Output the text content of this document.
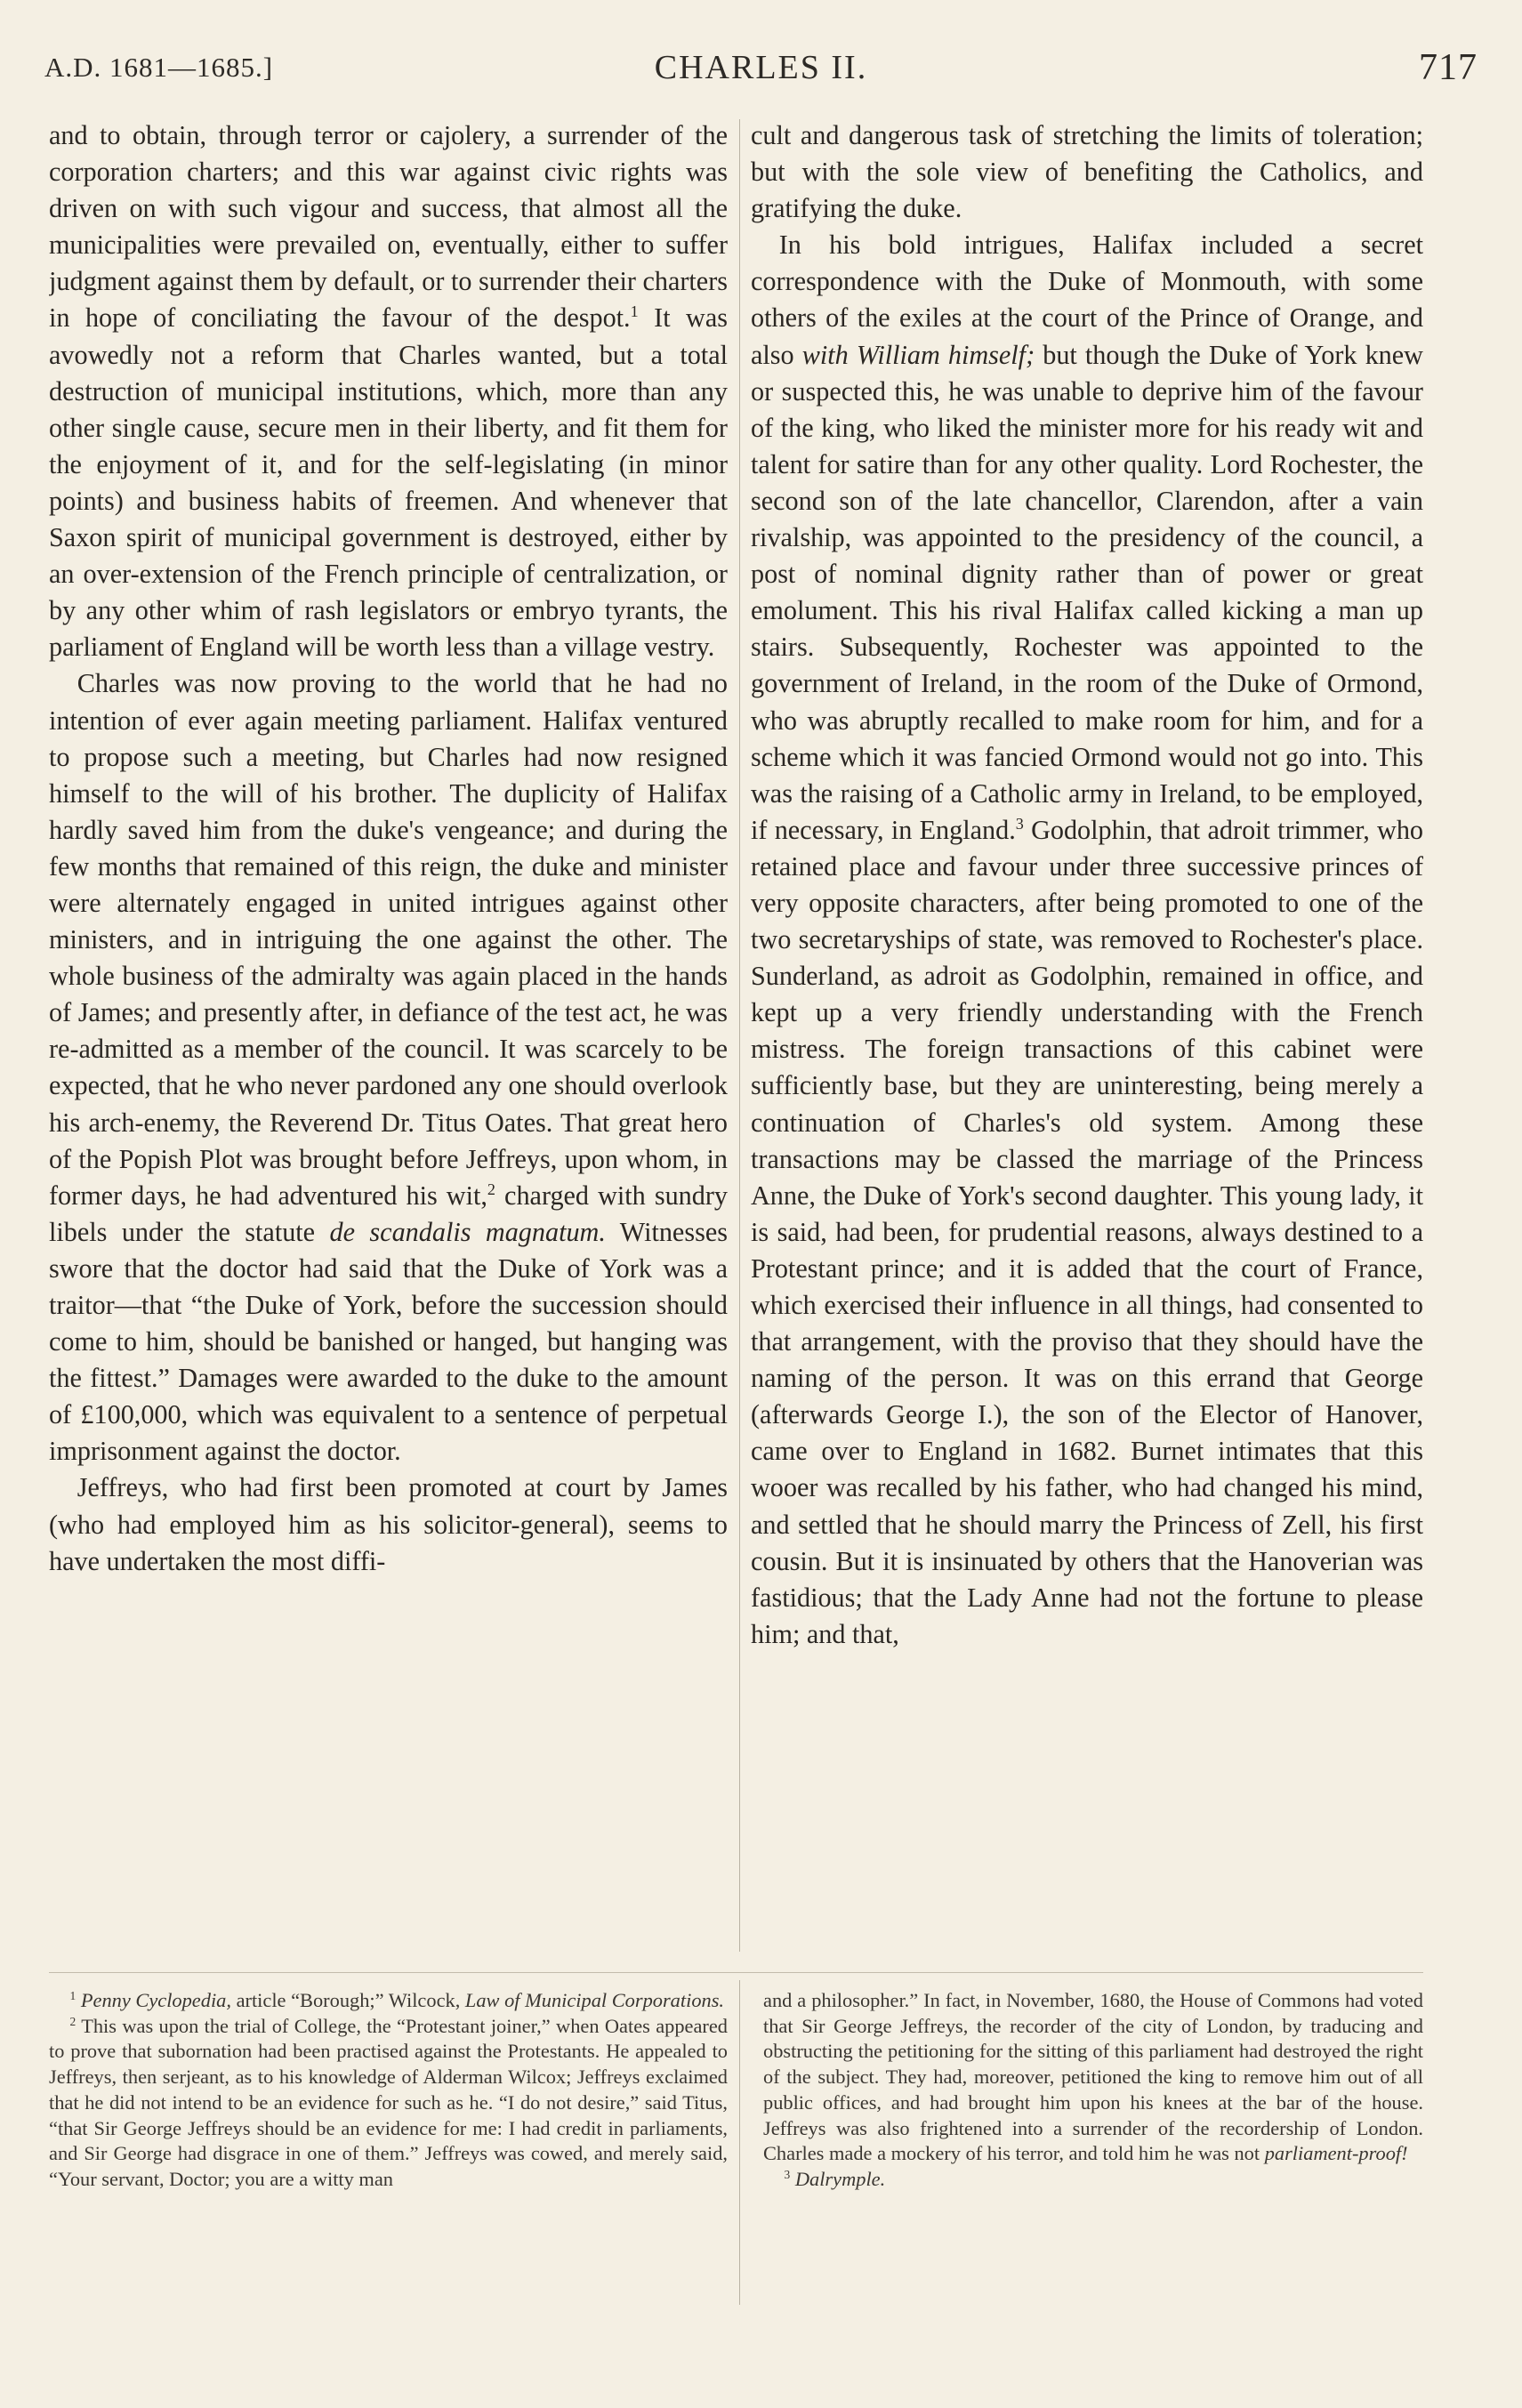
A.D. 1681—1685.]	CHARLES II.	717

and to obtain, through terror or cajolery, a surrender of the corporation charters; and this war against civic rights was driven on with such vigour and success, that almost all the municipalities were prevailed on, eventually, either to suffer judgment against them by default, or to surrender their charters in hope of conciliating the favour of the despot.$^1$ It was avowedly not a reform that Charles wanted, but a total destruction of municipal institutions, which, more than any other single cause, secure men in their liberty, and fit them for the enjoyment of it, and for the self-legislating (in minor points) and business habits of freemen. And whenever that Saxon spirit of municipal government is destroyed, either by an over-extension of the French principle of centralization, or by any other whim of rash legislators or embryo tyrants, the parliament of England will be worth less than a village vestry.

Charles was now proving to the world that he had no intention of ever again meeting parliament. Halifax ventured to propose such a meeting, but Charles had now resigned himself to the will of his brother. The duplicity of Halifax hardly saved him from the duke's vengeance; and during the few months that remained of this reign, the duke and minister were alternately engaged in united intrigues against other ministers, and in intriguing the one against the other. The whole business of the admiralty was again placed in the hands of James; and presently after, in defiance of the test act, he was re-admitted as a member of the council. It was scarcely to be expected, that he who never pardoned any one should overlook his arch-enemy, the Reverend Dr. Titus Oates. That great hero of the Popish Plot was brought before Jeffreys, upon whom, in former days, he had adventured his wit,$^2$ charged with sundry libels under the statute de scandalis magnatum. Witnesses swore that the doctor had said that the Duke of York was a traitor—that “the Duke of York, before the succession should come to him, should be banished or hanged, but hanging was the fittest.” Damages were awarded to the duke to the amount of £100,000, which was equivalent to a sentence of perpetual imprisonment against the doctor.

Jeffreys, who had first been promoted at court by James (who had employed him as his solicitor-general), seems to have undertaken the most diffi-

cult and dangerous task of stretching the limits of toleration; but with the sole view of benefiting the Catholics, and gratifying the duke.

In his bold intrigues, Halifax included a secret correspondence with the Duke of Monmouth, with some others of the exiles at the court of the Prince of Orange, and also with William himself; but though the Duke of York knew or suspected this, he was unable to deprive him of the favour of the king, who liked the minister more for his ready wit and talent for satire than for any other quality. Lord Rochester, the second son of the late chancellor, Clarendon, after a vain rivalship, was appointed to the presidency of the council, a post of nominal dignity rather than of power or great emolument. This his rival Halifax called kicking a man up stairs. Subsequently, Rochester was appointed to the government of Ireland, in the room of the Duke of Ormond, who was abruptly recalled to make room for him, and for a scheme which it was fancied Ormond would not go into. This was the raising of a Catholic army in Ireland, to be employed, if necessary, in England.$^3$ Godolphin, that adroit trimmer, who retained place and favour under three successive princes of very opposite characters, after being promoted to one of the two secretaryships of state, was removed to Rochester's place. Sunderland, as adroit as Godolphin, remained in office, and kept up a very friendly understanding with the French mistress. The foreign transactions of this cabinet were sufficiently base, but they are uninteresting, being merely a continuation of Charles's old system. Among these transactions may be classed the marriage of the Princess Anne, the Duke of York's second daughter. This young lady, it is said, had been, for prudential reasons, always destined to a Protestant prince; and it is added that the court of France, which exercised their influence in all things, had consented to that arrangement, with the proviso that they should have the naming of the person. It was on this errand that George (afterwards George I.), the son of the Elector of Hanover, came over to England in 1682. Burnet intimates that this wooer was recalled by his father, who had changed his mind, and settled that he should marry the Princess of Zell, his first cousin. But it is insinuated by others that the Hanoverian was fastidious; that the Lady Anne had not the fortune to please him; and that,

$^1$ Penny Cyclopedia, article “Borough;” Wilcock, Law of Municipal Corporations.

$^2$ This was upon the trial of College, the “Protestant joiner,” when Oates appeared to prove that subornation had been practised against the Protestants. He appealed to Jeffreys, then serjeant, as to his knowledge of Alderman Wilcox; Jeffreys exclaimed that he did not intend to be an evidence for such as he. “I do not desire,” said Titus, “that Sir George Jeffreys should be an evidence for me: I had credit in parliaments, and Sir George had disgrace in one of them.” Jeffreys was cowed, and merely said, “Your servant, Doctor; you are a witty man

and a philosopher.” In fact, in November, 1680, the House of Commons had voted that Sir George Jeffreys, the recorder of the city of London, by traducing and obstructing the petitioning for the sitting of this parliament had destroyed the right of the subject. They had, moreover, petitioned the king to remove him out of all public offices, and had brought him upon his knees at the bar of the house. Jeffreys was also frightened into a surrender of the recordership of London. Charles made a mockery of his terror, and told him he was not parliament-proof!

$^3$ Dalrymple.
